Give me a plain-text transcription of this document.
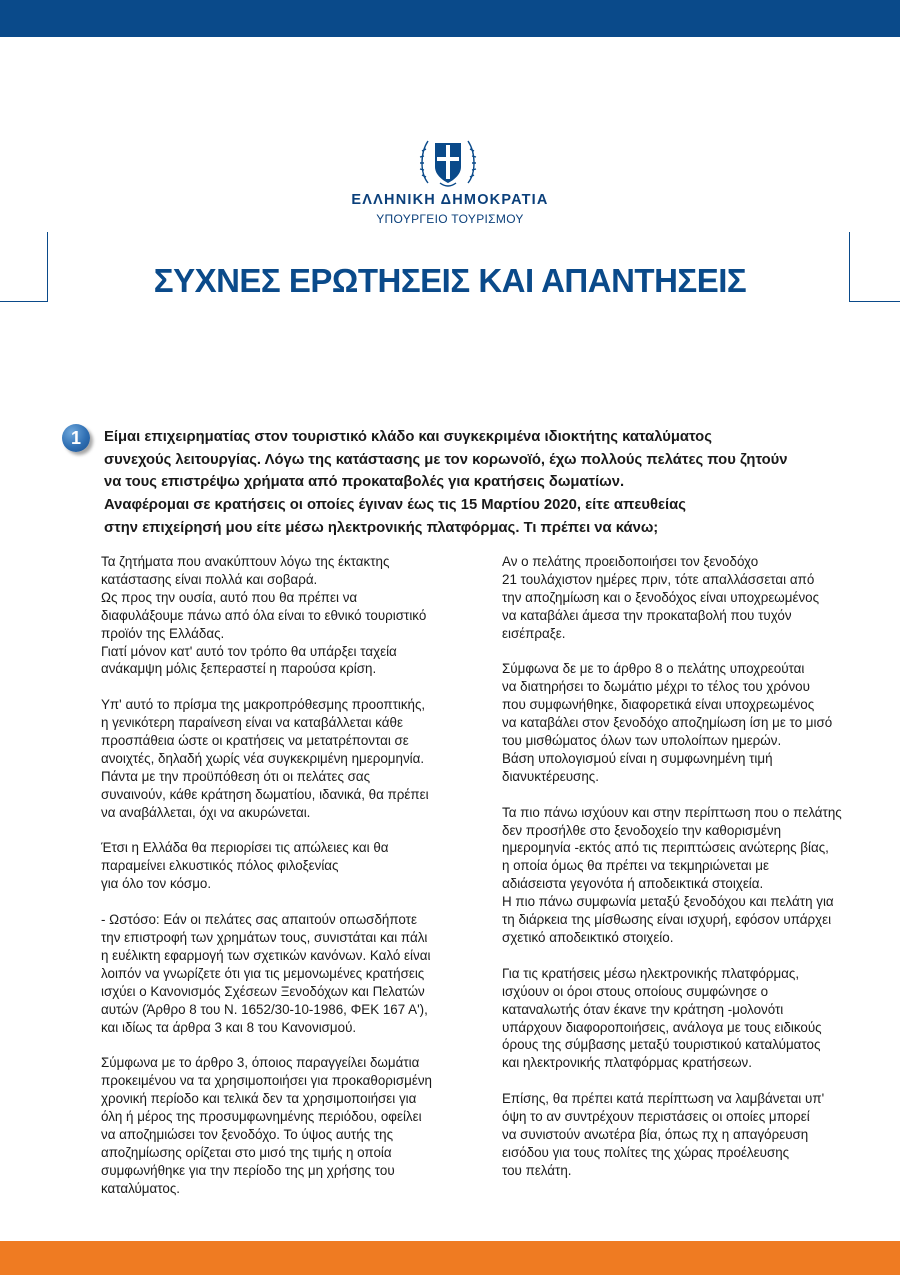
ΕΛΛΗΝΙΚΗ ΔΗΜΟΚΡΑΤΙΑ
ΥΠΟΥΡΓΕΙΟ ΤΟΥΡΙΣΜΟΥ
ΣΥΧΝΕΣ ΕΡΩΤΗΣΕΙΣ ΚΑΙ ΑΠΑΝΤΗΣΕΙΣ
1	Είμαι επιχειρηματίας στον τουριστικό κλάδο και συγκεκριμένα ιδιοκτήτης καταλύματος
συνεχούς λειτουργίας. Λόγω της κατάστασης με τον κορωνοϊό, έχω πολλούς πελάτες που ζητούν
να τους επιστρέψω χρήματα από προκαταβολές για κρατήσεις δωματίων.
Αναφέρομαι σε κρατήσεις οι οποίες έγιναν έως τις 15 Μαρτίου 2020, είτε απευθείας
στην επιχείρησή μου είτε μέσω ηλεκτρονικής πλατφόρμας. Τι πρέπει να κάνω;
Τα ζητήματα που ανακύπτουν λόγω της έκτακτης
κατάστασης είναι πολλά και σοβαρά.
Ως προς την ουσία, αυτό που θα πρέπει να
διαφυλάξουμε πάνω από όλα είναι το εθνικό τουριστικό
προϊόν της Ελλάδας.
Γιατί μόνον κατ' αυτό τον τρόπο θα υπάρξει ταχεία
ανάκαμψη μόλις ξεπεραστεί η παρούσα κρίση.
Υπ' αυτό το πρίσμα της μακροπρόθεσμης προοπτικής,
η γενικότερη παραίνεση είναι να καταβάλλεται κάθε
προσπάθεια ώστε οι κρατήσεις να μετατρέπονται σε
ανοιχτές, δηλαδή χωρίς νέα συγκεκριμένη ημερομηνία.
Πάντα με την προϋπόθεση ότι οι πελάτες σας
συναινούν, κάθε κράτηση δωματίου, ιδανικά, θα πρέπει
να αναβάλλεται, όχι να ακυρώνεται.
Έτσι η Ελλάδα θα περιορίσει τις απώλειες και θα
παραμείνει ελκυστικός πόλος φιλοξενίας
για όλο τον κόσμο.
- Ωστόσο: Εάν οι πελάτες σας απαιτούν οπωσδήποτε
την επιστροφή των χρημάτων τους, συνιστάται και πάλι
η ευέλικτη εφαρμογή των σχετικών κανόνων. Καλό είναι
λοιπόν να γνωρίζετε ότι για τις μεμονωμένες κρατήσεις
ισχύει ο Κανονισμός Σχέσεων Ξενοδόχων και Πελατών
αυτών (Άρθρο 8 του Ν. 1652/30-10-1986, ΦΕΚ 167 Α'),
και ιδίως τα άρθρα 3 και 8 του Κανονισμού.
Σύμφωνα με το άρθρο 3, όποιος παραγγείλει δωμάτια
προκειμένου να τα χρησιμοποιήσει για προκαθορισμένη
χρονική περίοδο και τελικά δεν τα χρησιμοποιήσει για
όλη ή μέρος της προσυμφωνημένης περιόδου, οφείλει
να αποζημιώσει τον ξενοδόχο. Το ύψος αυτής της
αποζημίωσης ορίζεται στο μισό της τιμής η οποία
συμφωνήθηκε για την περίοδο της μη χρήσης του
καταλύματος.
Αν ο πελάτης προειδοποιήσει τον ξενοδόχο
21 τουλάχιστον ημέρες πριν, τότε απαλλάσσεται από
την αποζημίωση και ο ξενοδόχος είναι υποχρεωμένος
να καταβάλει άμεσα την προκαταβολή που τυχόν
εισέπραξε.
Σύμφωνα δε με το άρθρο 8 ο πελάτης υποχρεούται
να διατηρήσει το δωμάτιο μέχρι το τέλος του χρόνου
που συμφωνήθηκε, διαφορετικά είναι υποχρεωμένος
να καταβάλει στον ξενοδόχο αποζημίωση ίση με το μισό
του μισθώματος όλων των υπολοίπων ημερών.
Βάση υπολογισμού είναι η συμφωνημένη τιμή
διανυκτέρευσης.
Τα πιο πάνω ισχύουν και στην περίπτωση που ο πελάτης
δεν προσήλθε στο ξενοδοχείο την καθορισμένη
ημερομηνία -εκτός από τις περιπτώσεις ανώτερης βίας,
η οποία όμως θα πρέπει να τεκμηριώνεται με
αδιάσειστα γεγονότα ή αποδεικτικά στοιχεία.
Η πιο πάνω συμφωνία μεταξύ ξενοδόχου και πελάτη για
τη διάρκεια της μίσθωσης είναι ισχυρή, εφόσον υπάρχει
σχετικό αποδεικτικό στοιχείο.
Για τις κρατήσεις μέσω ηλεκτρονικής πλατφόρμας,
ισχύουν οι όροι στους οποίους συμφώνησε ο
καταναλωτής όταν έκανε την κράτηση -μολονότι
υπάρχουν διαφοροποιήσεις, ανάλογα με τους ειδικούς
όρους της σύμβασης μεταξύ τουριστικού καταλύματος
και ηλεκτρονικής πλατφόρμας κρατήσεων.
Επίσης, θα πρέπει κατά περίπτωση να λαμβάνεται υπ'
όψη το αν συντρέχουν περιστάσεις οι οποίες μπορεί
να συνιστούν ανωτέρα βία, όπως πχ η απαγόρευση
εισόδου για τους πολίτες της χώρας προέλευσης
του πελάτη.
